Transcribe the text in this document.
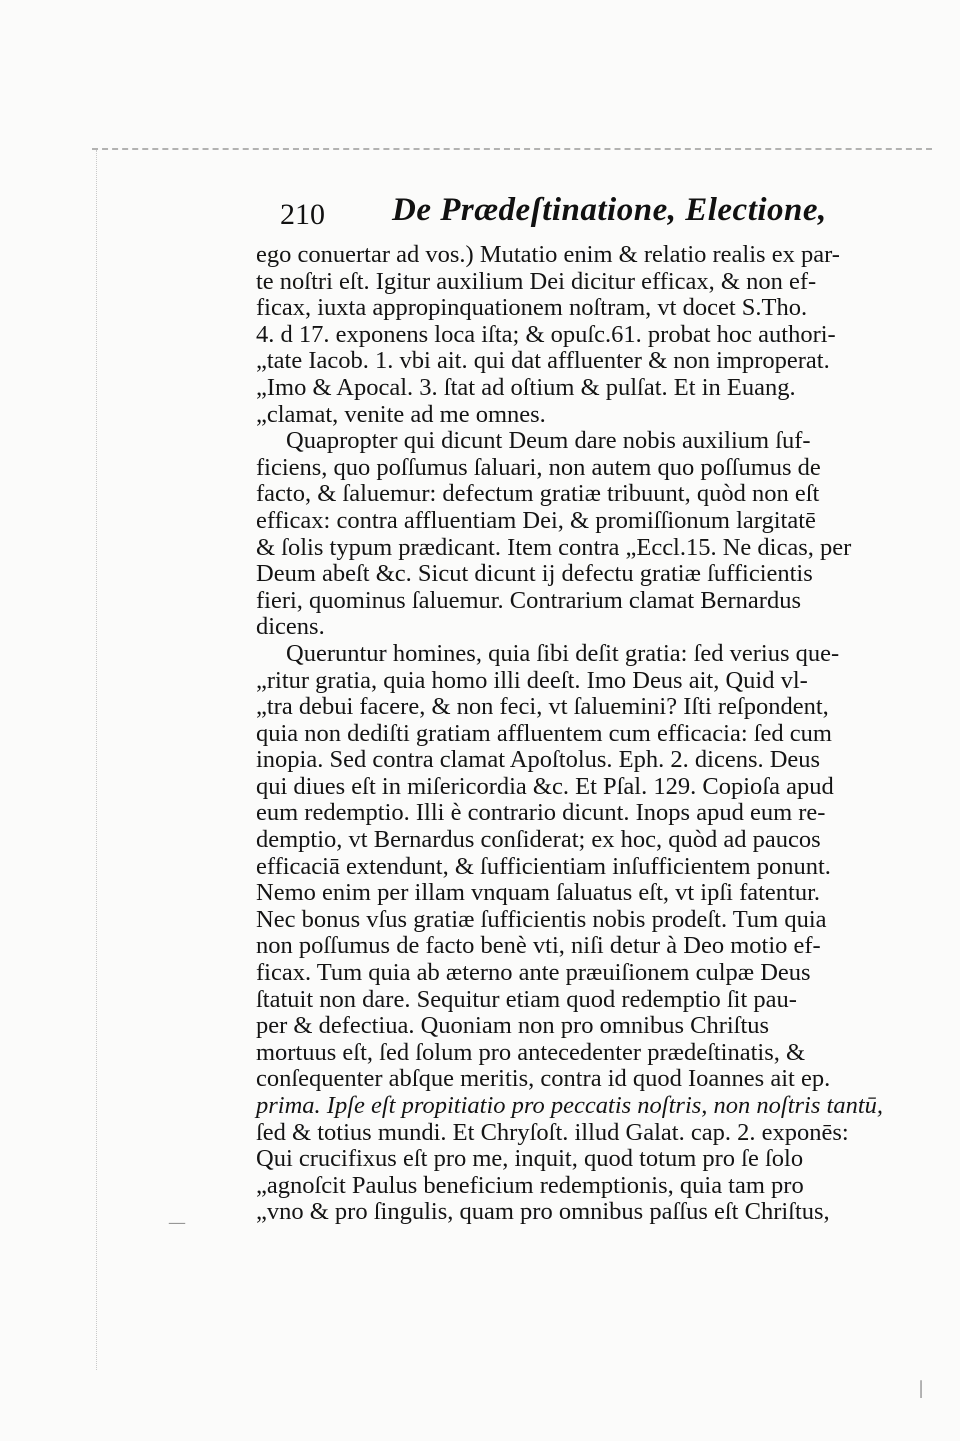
—
|
210 De Prædeſtinatione, Electione,
ego conuertar ad vos.) Mutatio enim & relatio realis ex par-
te noſtri eſt. Igitur auxilium Dei dicitur efficax, & non ef-
ficax, iuxta appropinquationem noſtram, vt docet S.Tho.
4. d 17. exponens loca iſta; & opuſc.61. probat hoc authori-
„tate Iacob. 1. vbi ait. qui dat affluenter & non improperat.
„Imo & Apocal. 3. ſtat ad oſtium & pulſat. Et in Euang.
„clamat, venite ad me omnes.
Quapropter qui dicunt Deum dare nobis auxilium ſuf-
ficiens, quo poſſumus ſaluari, non autem quo poſſumus de
facto, & ſaluemur: defectum gratiæ tribuunt, quòd non eſt
efficax: contra affluentiam Dei, & promiſſionum largitatē
& ſolis typum prædicant. Item contra „Eccl.15. Ne dicas, per
Deum abeſt &c. Sicut dicunt ij defectu gratiæ ſufficientis
fieri, quominus ſaluemur. Contrarium clamat Bernardus
dicens.
Queruntur homines, quia ſibi deſit gratia: ſed verius que-
„ritur gratia, quia homo illi deeſt. Imo Deus ait, Quid vl-
„tra debui facere, & non feci, vt ſaluemini? Iſti reſpondent,
quia non dediſti gratiam affluentem cum efficacia: ſed cum
inopia. Sed contra clamat Apoſtolus. Eph. 2. dicens. Deus
qui diues eſt in miſericordia &c. Et Pſal. 129. Copioſa apud
eum redemptio. Illi è contrario dicunt. Inops apud eum re-
demptio, vt Bernardus conſiderat; ex hoc, quòd ad paucos
efficaciā extendunt, & ſufficientiam inſufficientem ponunt.
Nemo enim per illam vnquam ſaluatus eſt, vt ipſi fatentur.
Nec bonus vſus gratiæ ſufficientis nobis prodeſt. Tum quia
non poſſumus de facto benè vti, niſi detur à Deo motio ef-
ficax. Tum quia ab æterno ante præuiſionem culpæ Deus
ſtatuit non dare. Sequitur etiam quod redemptio ſit pau-
per & defectiua. Quoniam non pro omnibus Chriſtus
mortuus eſt, ſed ſolum pro antecedenter prædeſtinatis, &
conſequenter abſque meritis, contra id quod Ioannes ait ep.
prima. Ipſe eſt propitiatio pro peccatis noſtris, non noſtris tantū,
ſed & totius mundi. Et Chryſoſt. illud Galat. cap. 2. exponēs:
Qui crucifixus eſt pro me, inquit, quod totum pro ſe ſolo
„agnoſcit Paulus beneficium redemptionis, quia tam pro
„vno & pro ſingulis, quam pro omnibus paſſus eſt Chriſtus,
